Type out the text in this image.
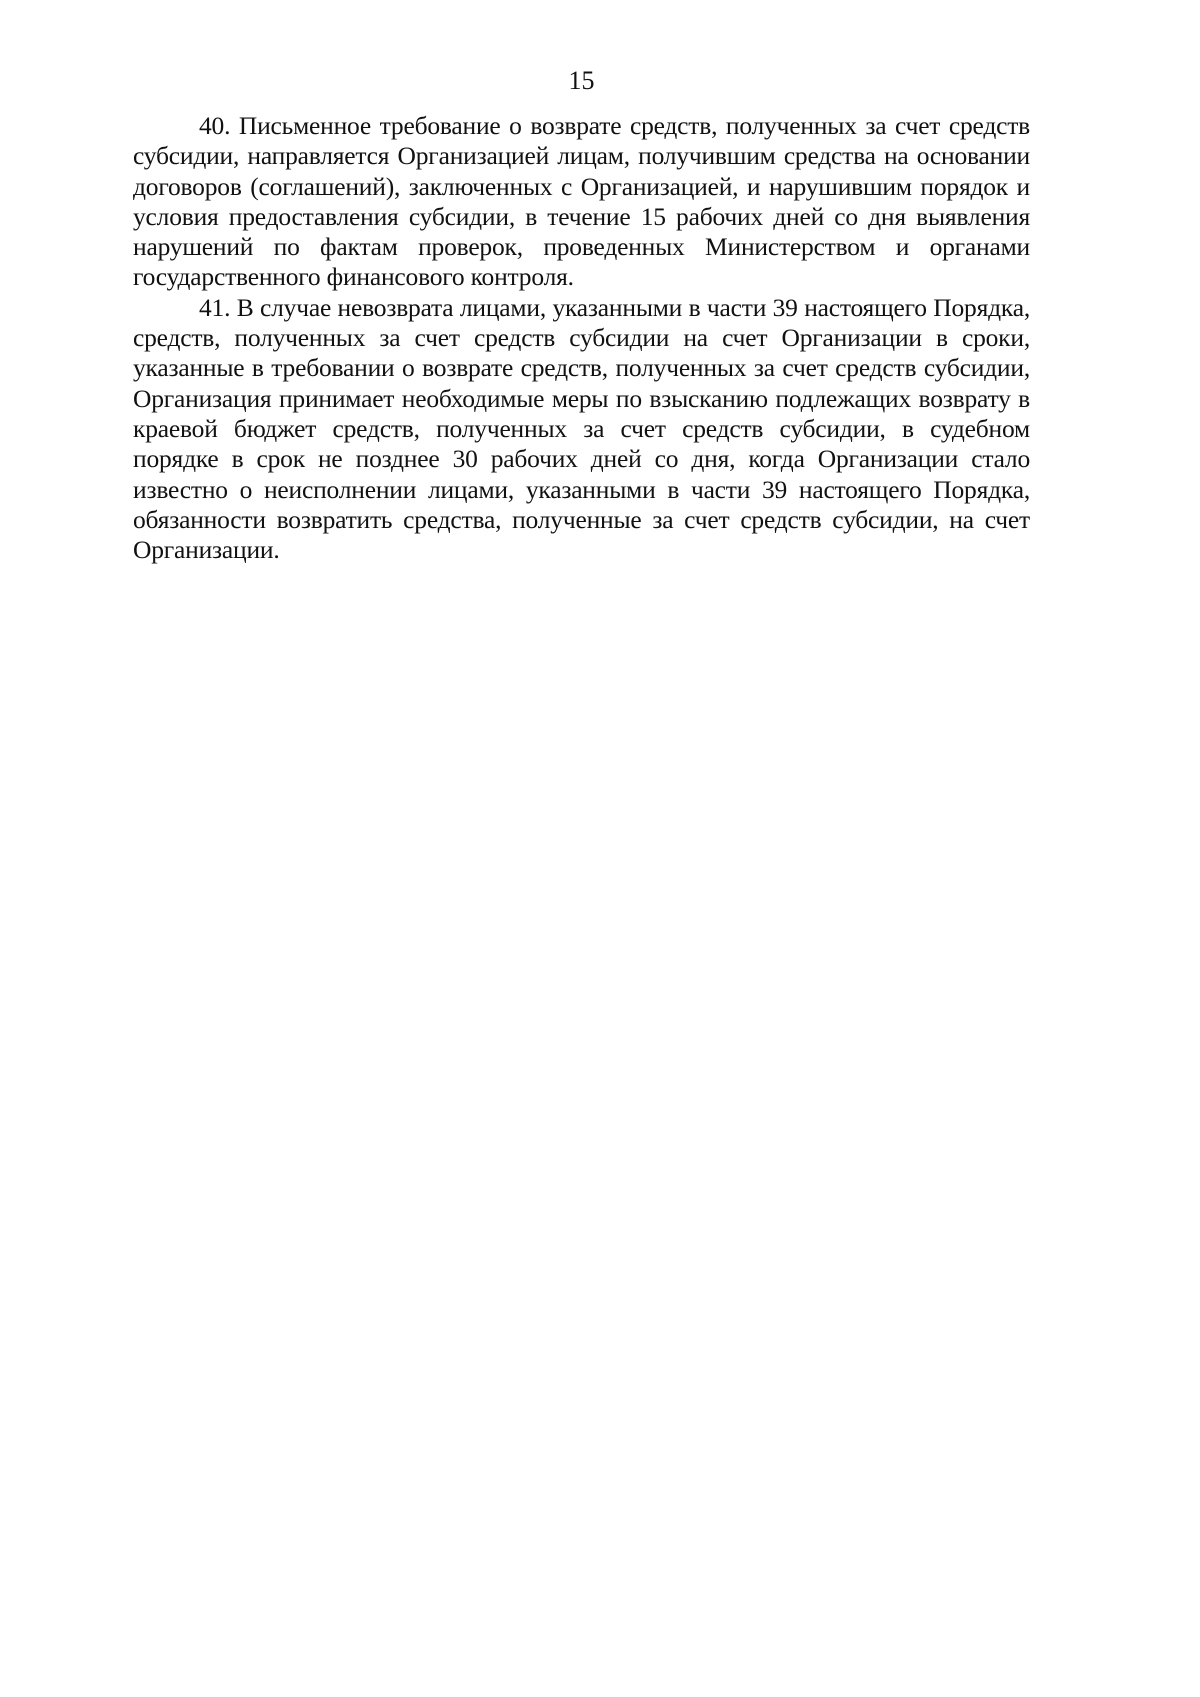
15

40. Письменное требование о возврате средств, полученных за счет средств субсидии, направляется Организацией лицам, получившим средства на основании договоров (соглашений), заключенных с Организацией, и нарушившим порядок и условия предоставления субсидии, в течение 15 рабочих дней со дня выявления нарушений по фактам проверок, проведенных Министерством и органами государственного финансового контроля.

41. В случае невозврата лицами, указанными в части 39 настоящего Порядка, средств, полученных за счет средств субсидии на счет Организации в сроки, указанные в требовании о возврате средств, полученных за счет средств субсидии, Организация принимает необходимые меры по взысканию подлежащих возврату в краевой бюджет средств, полученных за счет средств субсидии, в судебном порядке в срок не позднее 30 рабочих дней со дня, когда Организации стало известно о неисполнении лицами, указанными в части 39 настоящего Порядка, обязанности возвратить средства, полученные за счет средств субсидии, на счет Организации.
